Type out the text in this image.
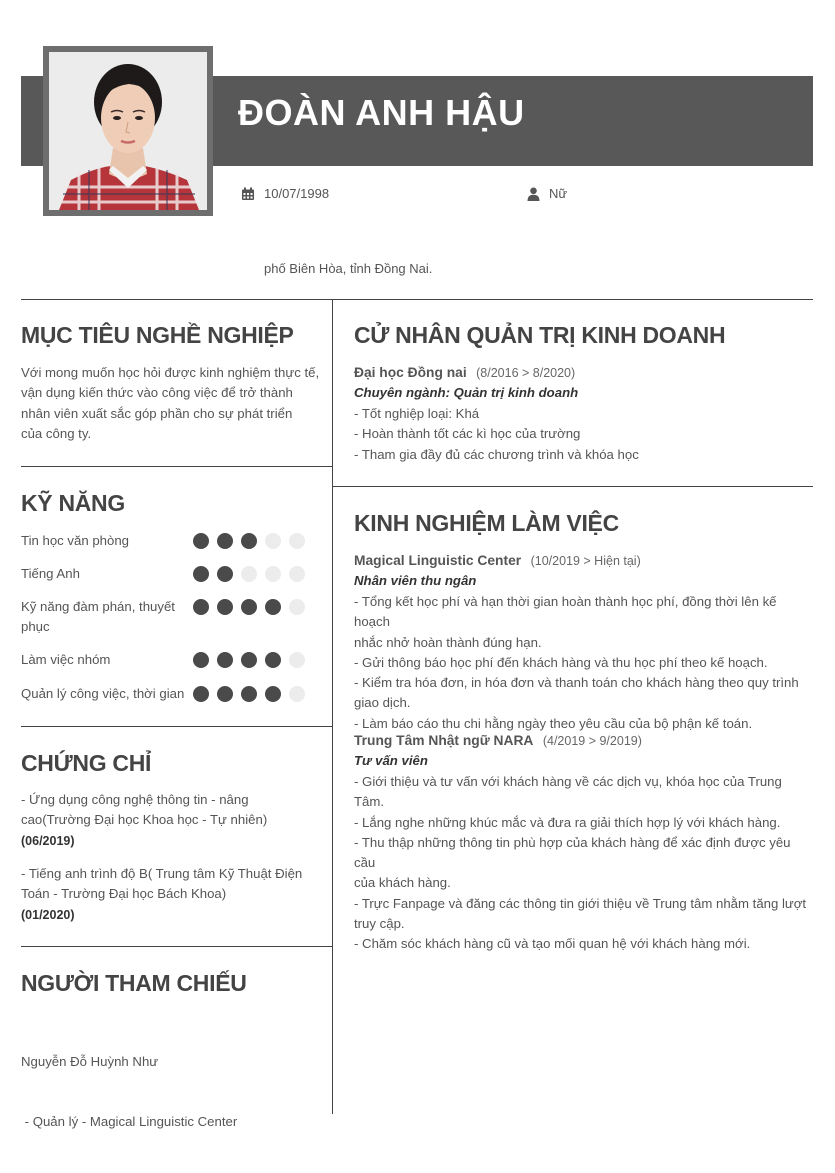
ĐOÀN ANH HẬU
10/07/1998	Nữ
phố Biên Hòa, tỉnh Đồng Nai.
MỤC TIÊU NGHỀ NGHIỆP
Với mong muốn học hỏi được kinh nghiệm thực tế,
vận dụng kiến thức vào công việc để trở thành
nhân viên xuất sắc góp phần cho sự phát triển
của công ty.
KỸ NĂNG
Tin học văn phòng
Tiếng Anh
Kỹ năng đàm phán, thuyết phục
Làm việc nhóm
Quản lý công việc, thời gian
CHỨNG CHỈ
- Ứng dụng công nghệ thông tin - nâng
cao(Trường Đại học Khoa học - Tự nhiên)
(06/2019)
- Tiếng anh trình độ B( Trung tâm Kỹ Thuật Điện
Toán - Trường Đại học Bách Khoa)
(01/2020)
NGƯỜI THAM CHIẾU

Nguyễn Đỗ Huỳnh Như

- Quản lý - Magical Linguistic Center

CỬ NHÂN QUẢN TRỊ KINH DOANH
Đại học Đồng nai (8/2016 > 8/2020)
Chuyên ngành: Quản trị kinh doanh
- Tốt nghiệp loại: Khá
- Hoàn thành tốt các kì học của trường
- Tham gia đầy đủ các chương trình và khóa học
KINH NGHIỆM LÀM VIỆC
Magical Linguistic Center (10/2019 > Hiện tại)
Nhân viên thu ngân
- Tổng kết học phí và hạn thời gian hoàn thành học phí, đồng thời lên kế hoạch
nhắc nhở hoàn thành đúng hạn.
- Gửi thông báo học phí đến khách hàng và thu học phí theo kế hoạch.
- Kiểm tra hóa đơn, in hóa đơn và thanh toán cho khách hàng theo quy trình
giao dịch.
- Làm báo cáo thu chi hằng ngày theo yêu cầu của bộ phận kế toán.
Trung Tâm Nhật ngữ NARA (4/2019 > 9/2019)
Tư vấn viên
- Giới thiệu và tư vấn với khách hàng về các dịch vụ, khóa học của Trung Tâm.
- Lắng nghe những khúc mắc và đưa ra giải thích hợp lý với khách hàng.
- Thu thập những thông tin phù hợp của khách hàng để xác định được yêu cầu
của khách hàng.
- Trực Fanpage và đăng các thông tin giới thiệu về Trung tâm nhằm tăng lượt
truy cập.
- Chăm sóc khách hàng cũ và tạo mối quan hệ với khách hàng mới.
